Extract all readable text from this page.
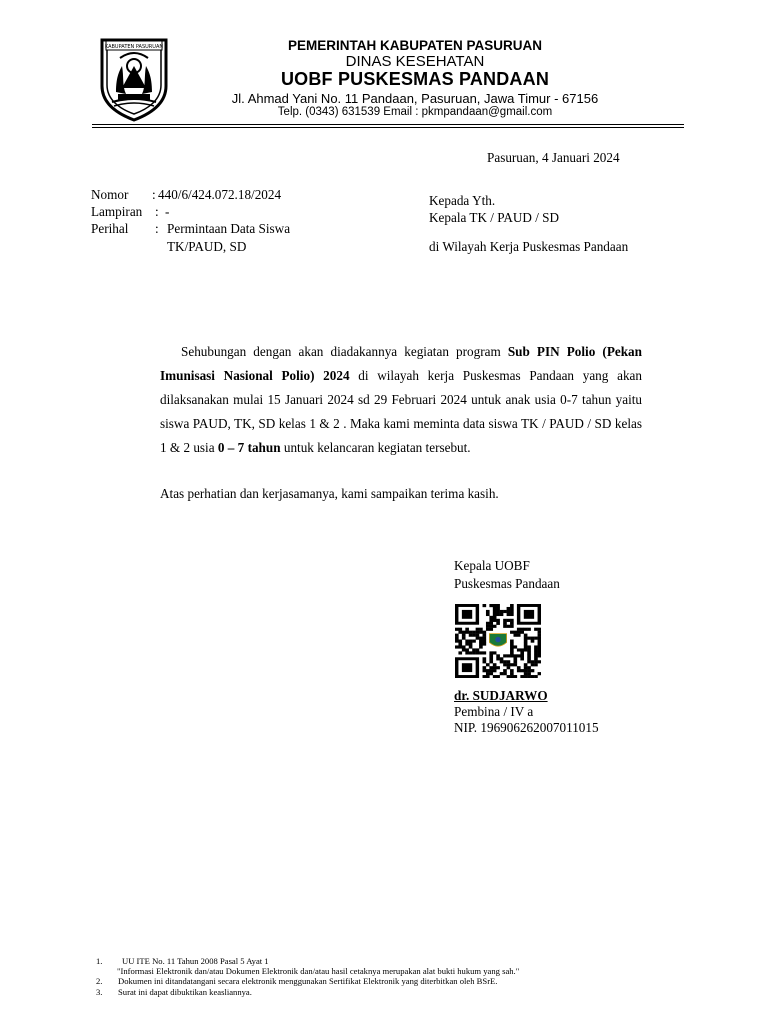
KABUPATEN PASURUAN	PEMERINTAH KABUPATEN PASURUAN
DINAS KESEHATAN
UOBF PUSKESMAS PANDAAN
Jl. Ahmad Yani No. 11 Pandaan, Pasuruan, Jawa Timur - 67156
Telp. (0343) 631539 Email : pkmpandaan@gmail.com
Pasuruan, 4 Januari 2024
Nomor : 440/6/424.072.18/2024
Lampiran : -
Perihal : Permintaan Data Siswa
TK/PAUD, SD
Kepada Yth.
Kepala TK / PAUD / SD
di Wilayah Kerja Puskesmas Pandaan

Sehubungan dengan akan diadakannya kegiatan program Sub PIN Polio (Pekan Imunisasi Nasional Polio) 2024 di wilayah kerja Puskesmas Pandaan yang akan dilaksanakan mulai 15 Januari 2024 sd 29 Februari 2024 untuk anak usia 0-7 tahun yaitu siswa PAUD, TK, SD kelas 1 & 2 . Maka kami meminta data siswa TK / PAUD / SD kelas 1 & 2 usia 0 – 7 tahun untuk kelancaran kegiatan tersebut.

Atas perhatian dan kerjasamanya, kami sampaikan terima kasih.
Kepala UOBF
Puskesmas Pandaan
dr. SUDJARWO
Pembina / IV a
NIP. 196906262007011015
1. UU ITE No. 11 Tahun 2008 Pasal 5 Ayat 1
"Informasi Elektronik dan/atau Dokumen Elektronik dan/atau hasil cetaknya merupakan alat bukti hukum yang sah."
2. Dokumen ini ditandatangani secara elektronik menggunakan Sertifikat Elektronik yang diterbitkan oleh BSrE.
3. Surat ini dapat dibuktikan keasliannya.
